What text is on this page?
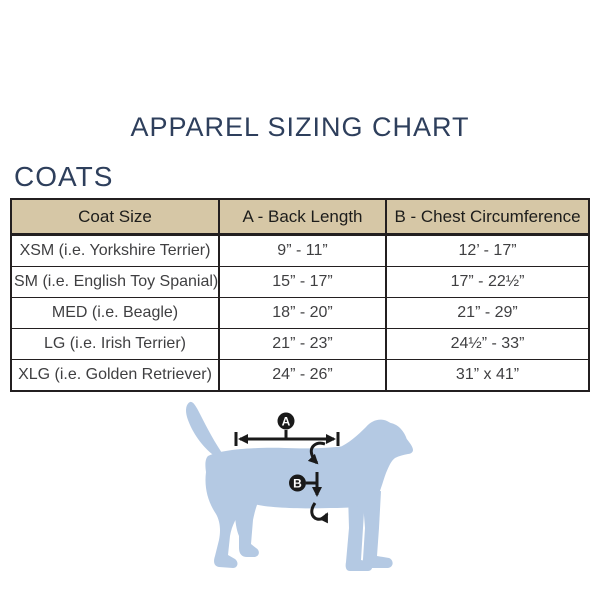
APPAREL SIZING CHART
COATS
Coat Size	A - Back Length	B - Chest Circumference
XSM (i.e. Yorkshire Terrier)	9” - 11”	12’ - 17”
SM (i.e. English Toy Spanial)	15” - 17”	17” - 22½”
MED (i.e. Beagle)	18” - 20”	21” - 29”
LG (i.e. Irish Terrier)	21” - 23”	24½” - 33”
XLG (i.e. Golden Retriever)	24” - 26”	31” x 41”
A
B
